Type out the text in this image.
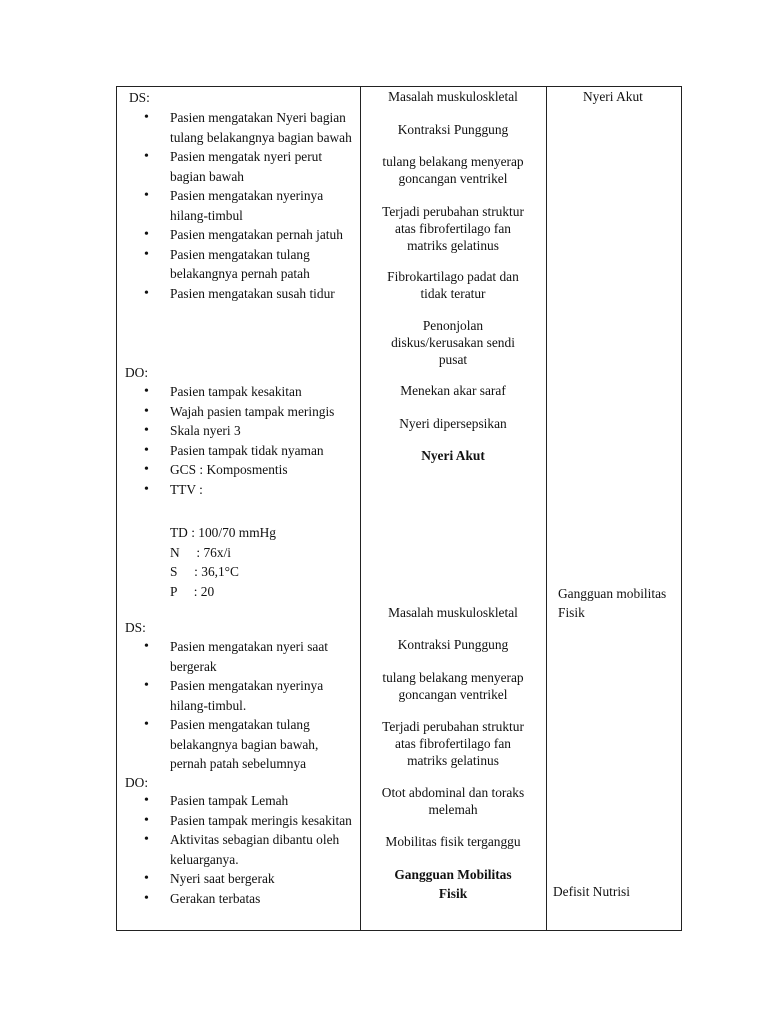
DS:
• Pasien mengatakan Nyeri bagian tulang belakangnya bagian bawah
• Pasien mengatak nyeri perut bagian bawah
• Pasien mengatakan nyerinya hilang-timbul
• Pasien mengatakan pernah jatuh
• Pasien mengatakan tulang belakangnya pernah patah
• Pasien mengatakan susah tidur
DO:
• Pasien tampak kesakitan
• Wajah pasien tampak meringis
• Skala nyeri 3
• Pasien tampak tidak nyaman
• GCS : Komposmentis
• TTV :
TD : 100/70 mmHg
N     : 76x/i
S     : 36,1°C
P     : 20
DS:
• Pasien mengatakan nyeri saat bergerak
• Pasien mengatakan nyerinya hilang-timbul.
• Pasien mengatakan tulang belakangnya bagian bawah, pernah patah sebelumnya
DO:
• Pasien tampak Lemah
• Pasien tampak meringis kesakitan
• Aktivitas sebagian dibantu oleh keluarganya.
• Nyeri saat bergerak
• Gerakan terbatas
Masalah muskuloskletal
Kontraksi Punggung
tulang belakang menyerap goncangan ventrikel
Terjadi perubahan struktur atas fibrofertilago fan matriks gelatinus
Fibrokartilago padat dan tidak teratur
Penonjolan diskus/kerusakan sendi pusat
Menekan akar saraf
Nyeri dipersepsikan
Nyeri Akut
Masalah muskuloskletal
Kontraksi Punggung
tulang belakang menyerap goncangan ventrikel
Terjadi perubahan struktur atas fibrofertilago fan matriks gelatinus
Otot abdominal dan toraks melemah
Mobilitas fisik terganggu
Gangguan Mobilitas Fisik
Nyeri Akut
Gangguan mobilitas Fisik
Defisit Nutrisi
